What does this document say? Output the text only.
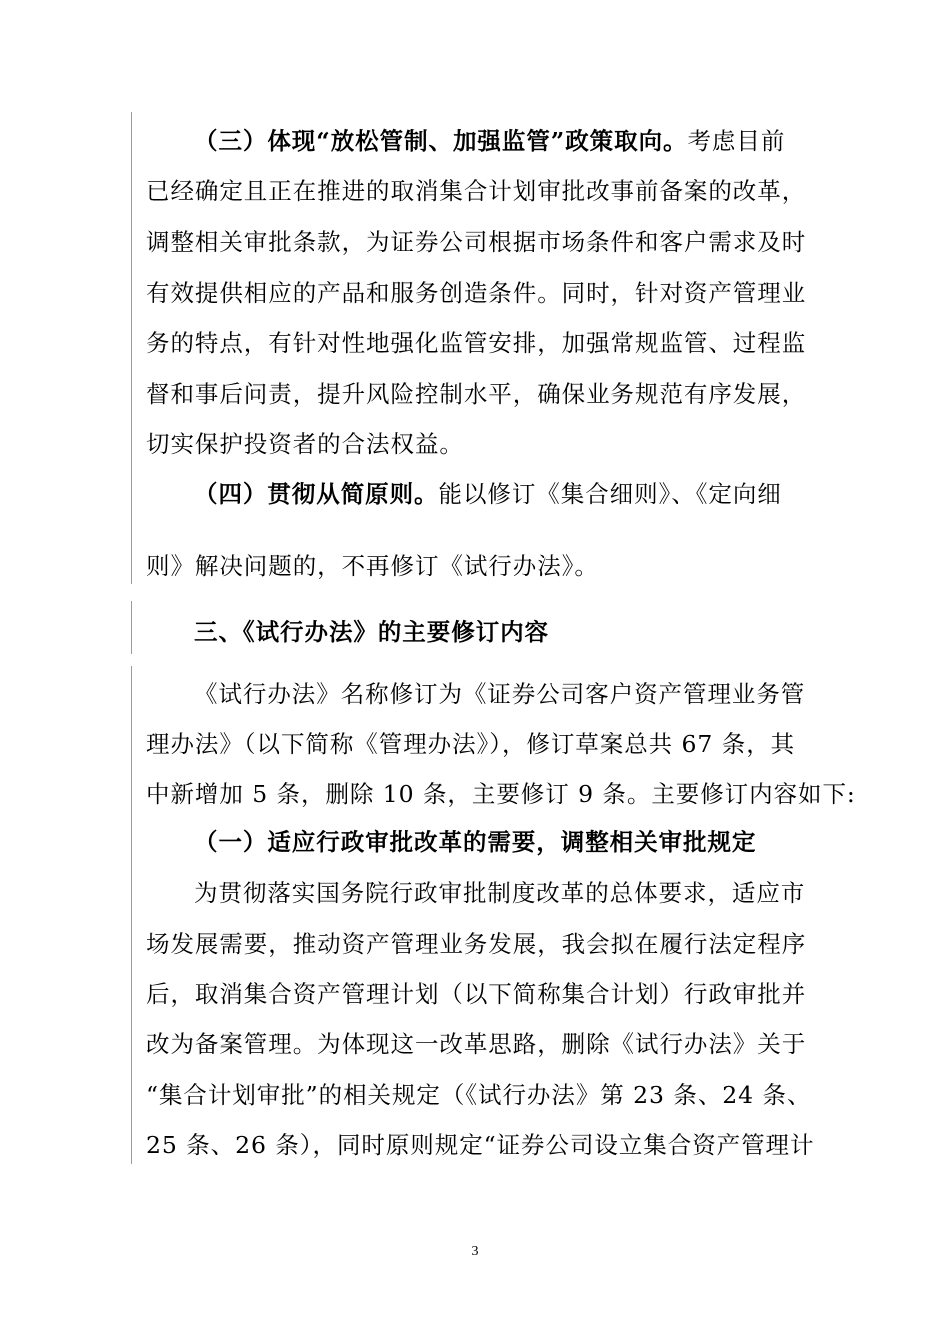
（三）体现“放松管制、加强监管”政策取向。考虑目前

已经确定且正在推进的取消集合计划审批改事前备案的改革，

调整相关审批条款，为证券公司根据市场条件和客户需求及时

有效提供相应的产品和服务创造条件。同时，针对资产管理业

务的特点，有针对性地强化监管安排，加强常规监管、过程监

督和事后问责，提升风险控制水平，确保业务规范有序发展，

切实保护投资者的合法权益。

（四）贯彻从简原则。能以修订《集合细则》、《定向细

则》解决问题的，不再修订《试行办法》。

三、《试行办法》的主要修订内容

《试行办法》名称修订为《证券公司客户资产管理业务管

理办法》（以下简称《管理办法》），修订草案总共 67 条，其

中新增加 5 条，删除 10 条，主要修订 9 条。主要修订内容如下:

（一）适应行政审批改革的需要，调整相关审批规定

为贯彻落实国务院行政审批制度改革的总体要求，适应市

场发展需要，推动资产管理业务发展，我会拟在履行法定程序

后，取消集合资产管理计划（以下简称集合计划）行政审批并

改为备案管理。为体现这一改革思路，删除《试行办法》关于

“集合计划审批”的相关规定（《试行办法》第 23 条、24 条、

25 条、26 条），同时原则规定“证券公司设立集合资产管理计

3
